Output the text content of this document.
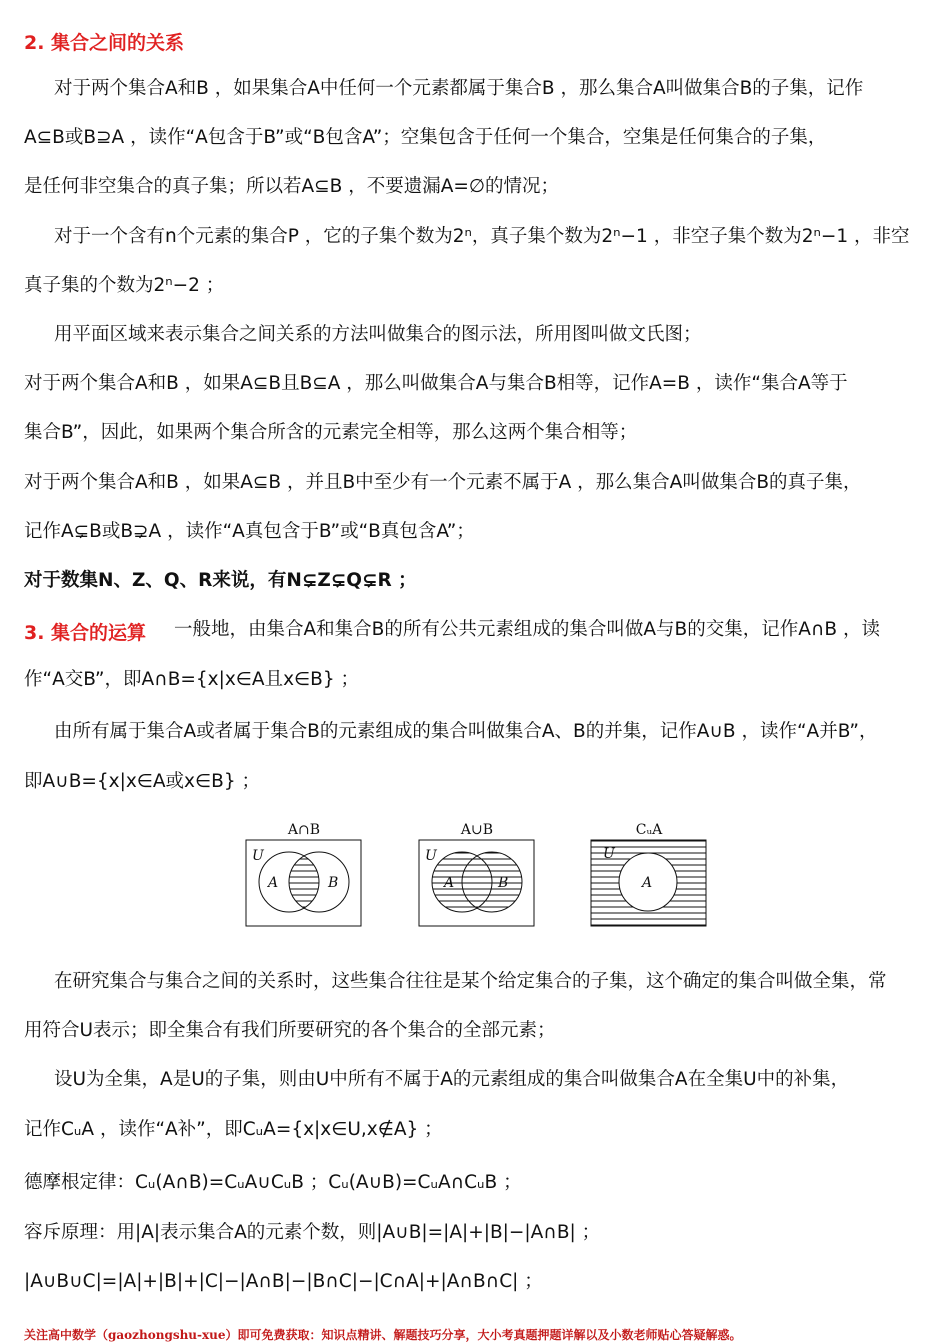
2. 集合之间的关系
对于两个集合A和B ，如果集合A中任何一个元素都属于集合B ，那么集合A叫做集合B的子集，记作
A⊆B或B⊇A ，读作“A包含于B”或“B包含A”；空集包含于任何一个集合，空集是任何集合的子集，
是任何非空集合的真子集；所以若A⊆B ，不要遗漏A=∅的情况；
对于一个含有n个元素的集合P ，它的子集个数为2ⁿ，真子集个数为2ⁿ−1 ，非空子集个数为2ⁿ−1 ，非空
真子集的个数为2ⁿ−2 ；
用平面区域来表示集合之间关系的方法叫做集合的图示法，所用图叫做文氏图；
对于两个集合A和B ，如果A⊆B且B⊆A ，那么叫做集合A与集合B相等，记作A=B ，读作“集合A等于
集合B”，因此，如果两个集合所含的元素完全相等，那么这两个集合相等；
对于两个集合A和B ，如果A⊆B ，并且B中至少有一个元素不属于A ，那么集合A叫做集合B的真子集，
记作A⊊B或B⊋A ，读作“A真包含于B”或“B真包含A”；
对于数集N、Z、Q、R来说，有N⊊Z⊊Q⊊R ；
3. 集合的运算 一般地，由集合A和集合B的所有公共元素组成的集合叫做A与B的交集，记作A∩B ，读
作“A交B”，即A∩B={x|x∈A且x∈B} ；
由所有属于集合A或者属于集合B的元素组成的集合叫做集合A、B的并集，记作A∪B ，读作“A并B”，
即A∪B={x|x∈A或x∈B} ；
A∩B
U
A	B
A∪B
U
A	B
CᵤA
U
A
在研究集合与集合之间的关系时，这些集合往往是某个给定集合的子集，这个确定的集合叫做全集，常
用符合U表示；即全集合有我们所要研究的各个集合的全部元素；
设U为全集，A是U的子集，则由U中所有不属于A的元素组成的集合叫做集合A在全集U中的补集，
记作CᵤA ，读作“A补”，即CᵤA={x|x∈U,x∉A} ；
德摩根定律：Cᵤ(A∩B)=CᵤA∪CᵤB ；Cᵤ(A∪B)=CᵤA∩CᵤB ；
容斥原理：用|A|表示集合A的元素个数，则|A∪B|=|A|+|B|−|A∩B| ；
|A∪B∪C|=|A|+|B|+|C|−|A∩B|−|B∩C|−|C∩A|+|A∩B∩C| ；
关注高中数学（gaozhongshu-xue）即可免费获取：知识点精讲、解题技巧分享，大小考真题押题详解以及小数老师贴心答疑解惑。
